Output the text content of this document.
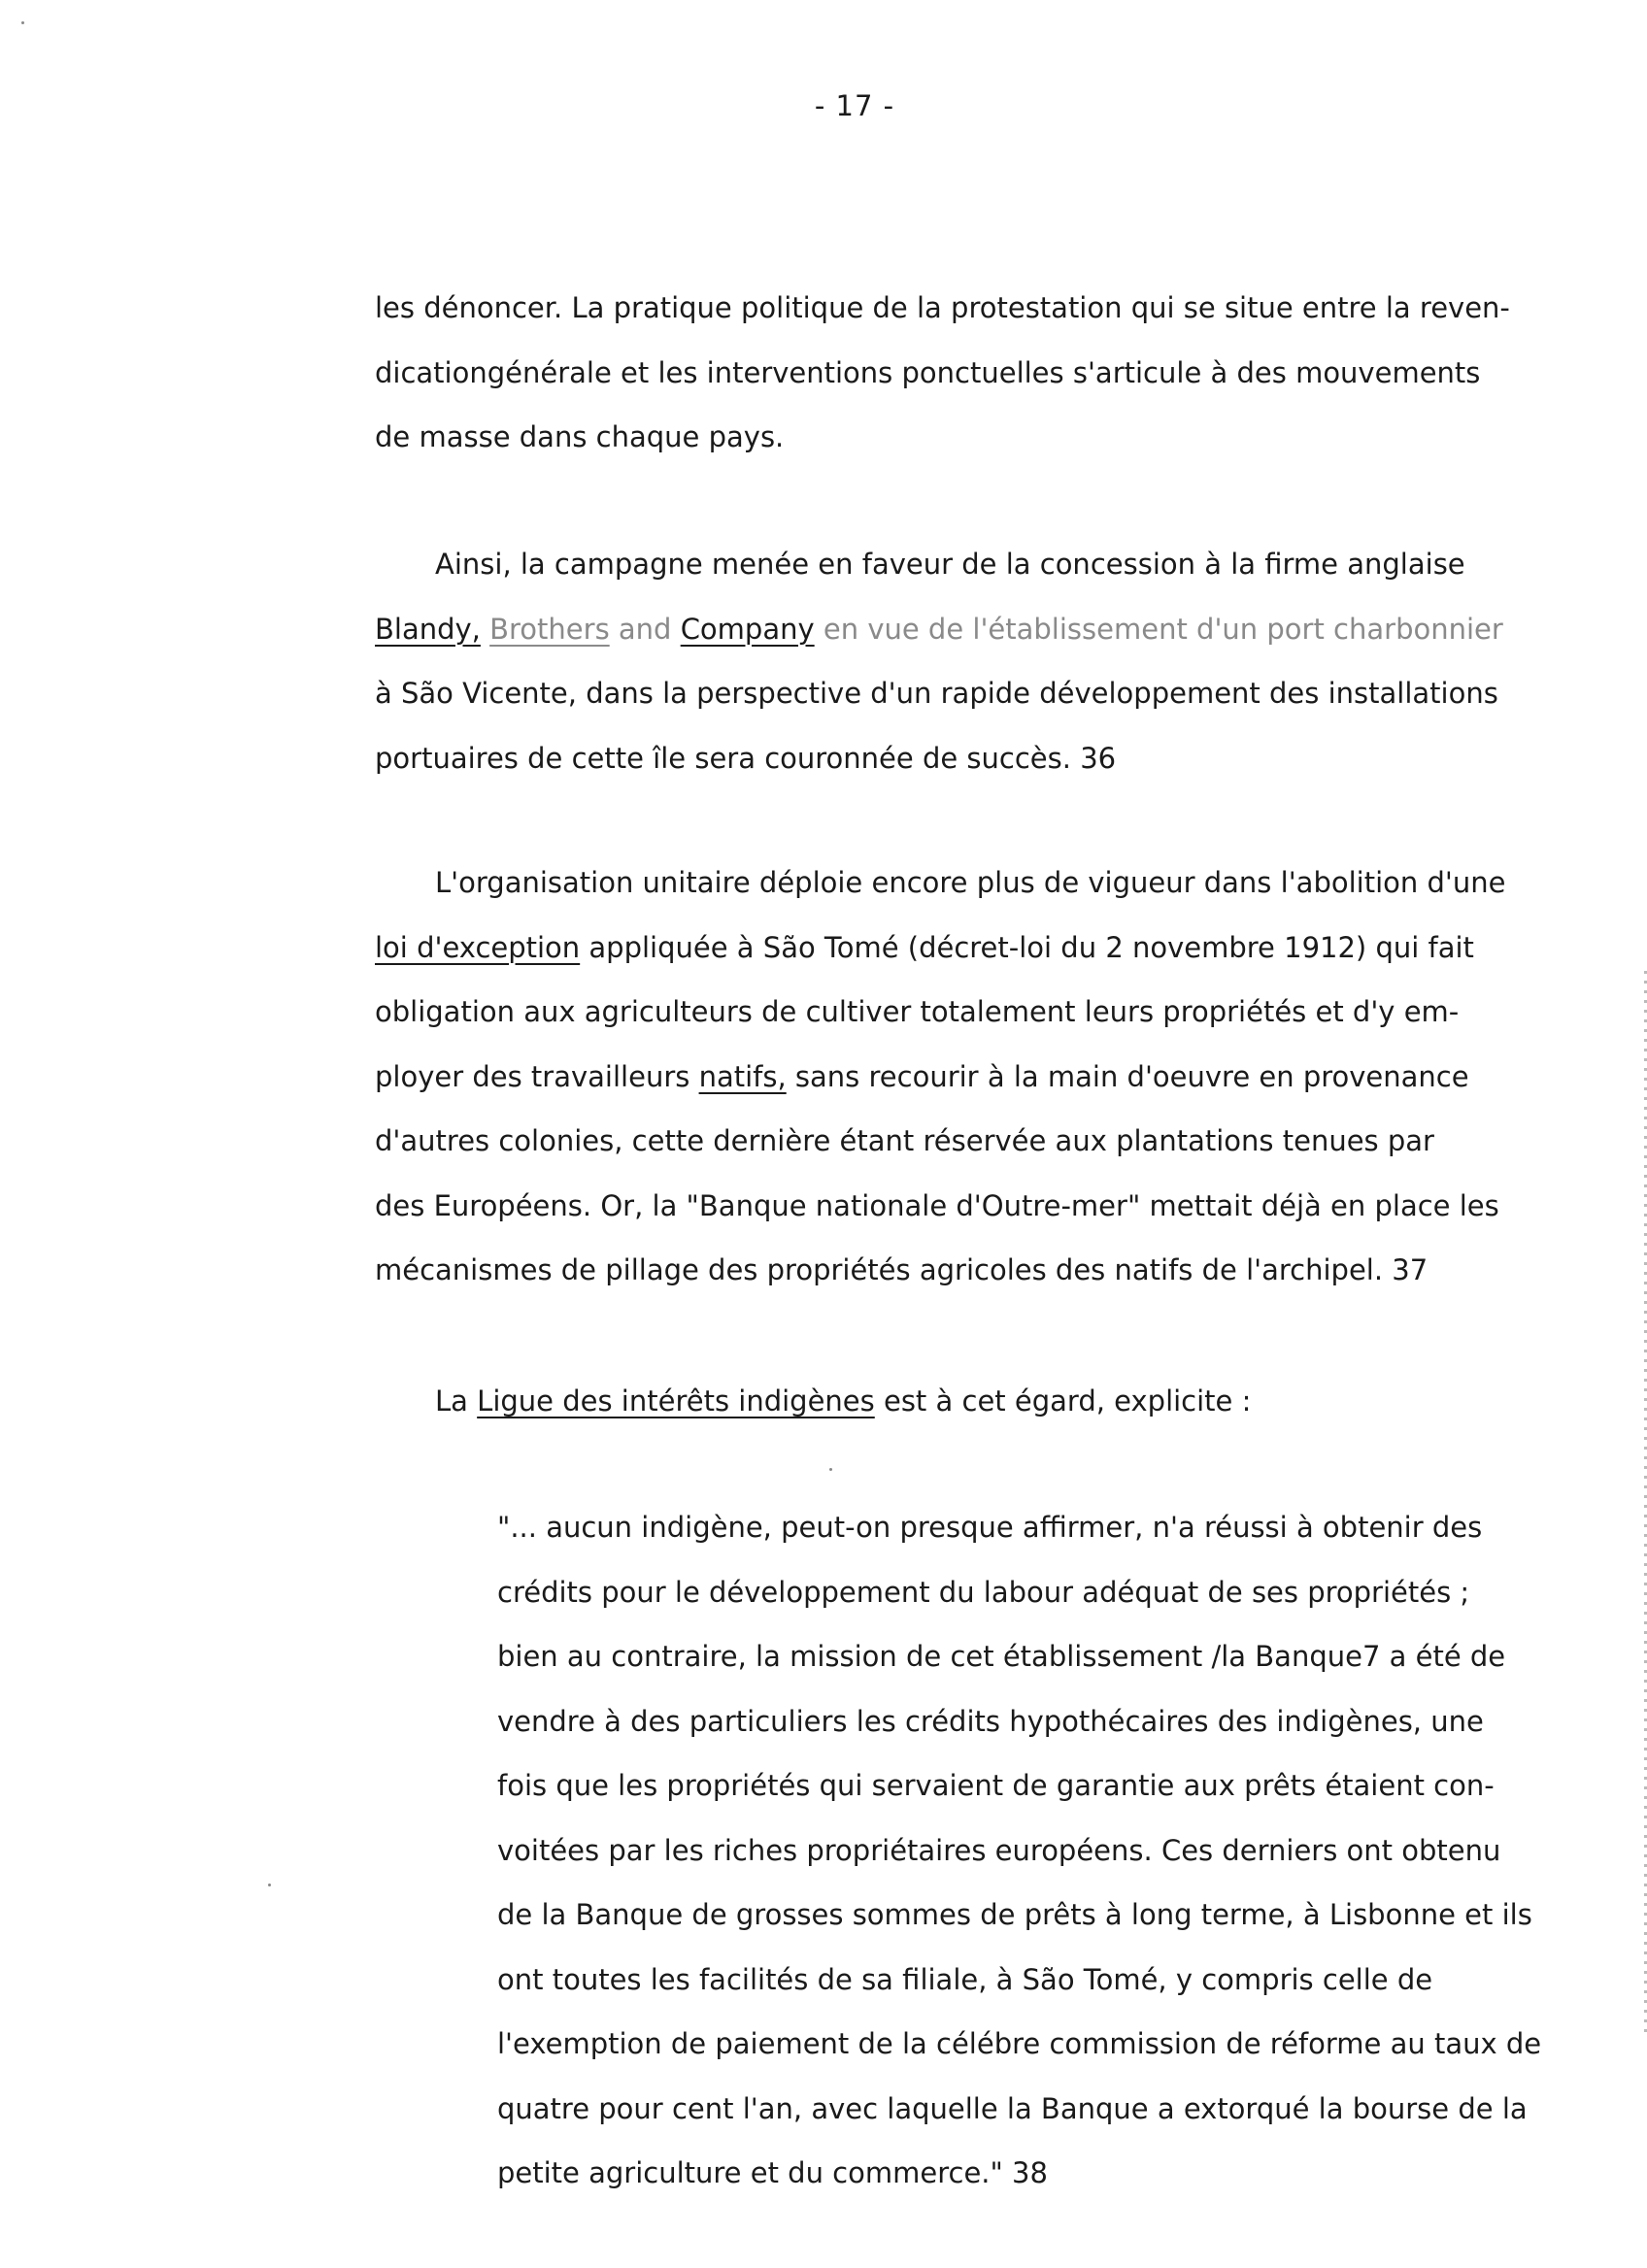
- 17 -
les dénoncer. La pratique politique de la protestation qui se situe entre la reven-
dicationgénérale et les interventions ponctuelles s'articule à des mouvements
de masse dans chaque pays.
Ainsi, la campagne menée en faveur de la concession à la firme anglaise
Blandy, Brothers and Company en vue de l'établissement d'un port charbonnier
à São Vicente, dans la perspective d'un rapide développement des installations
portuaires de cette île sera couronnée de succès. 36
L'organisation unitaire déploie encore plus de vigueur dans l'abolition d'une
loi d'exception appliquée à São Tomé (décret-loi du 2 novembre 1912) qui fait
obligation aux agriculteurs de cultiver totalement leurs propriétés et d'y em-
ployer des travailleurs natifs, sans recourir à la main d'oeuvre en provenance
d'autres colonies, cette dernière étant réservée aux plantations tenues par
des Européens. Or, la "Banque nationale d'Outre-mer" mettait déjà en place les
mécanismes de pillage des propriétés agricoles des natifs de l'archipel. 37
La Ligue des intérêts indigènes est à cet égard, explicite :
"... aucun indigène, peut-on presque affirmer, n'a réussi à obtenir des
crédits pour le développement du labour adéquat de ses propriétés ;
bien au contraire, la mission de cet établissement /la Banque7 a été de
vendre à des particuliers les crédits hypothécaires des indigènes, une
fois que les propriétés qui servaient de garantie aux prêts étaient con-
voitées par les riches propriétaires européens. Ces derniers ont obtenu
de la Banque de grosses sommes de prêts à long terme, à Lisbonne et ils
ont toutes les facilités de sa filiale, à São Tomé, y compris celle de
l'exemption de paiement de la célébre commission de réforme au taux de
quatre pour cent l'an, avec laquelle la Banque a extorqué la bourse de la
petite agriculture et du commerce." 38
